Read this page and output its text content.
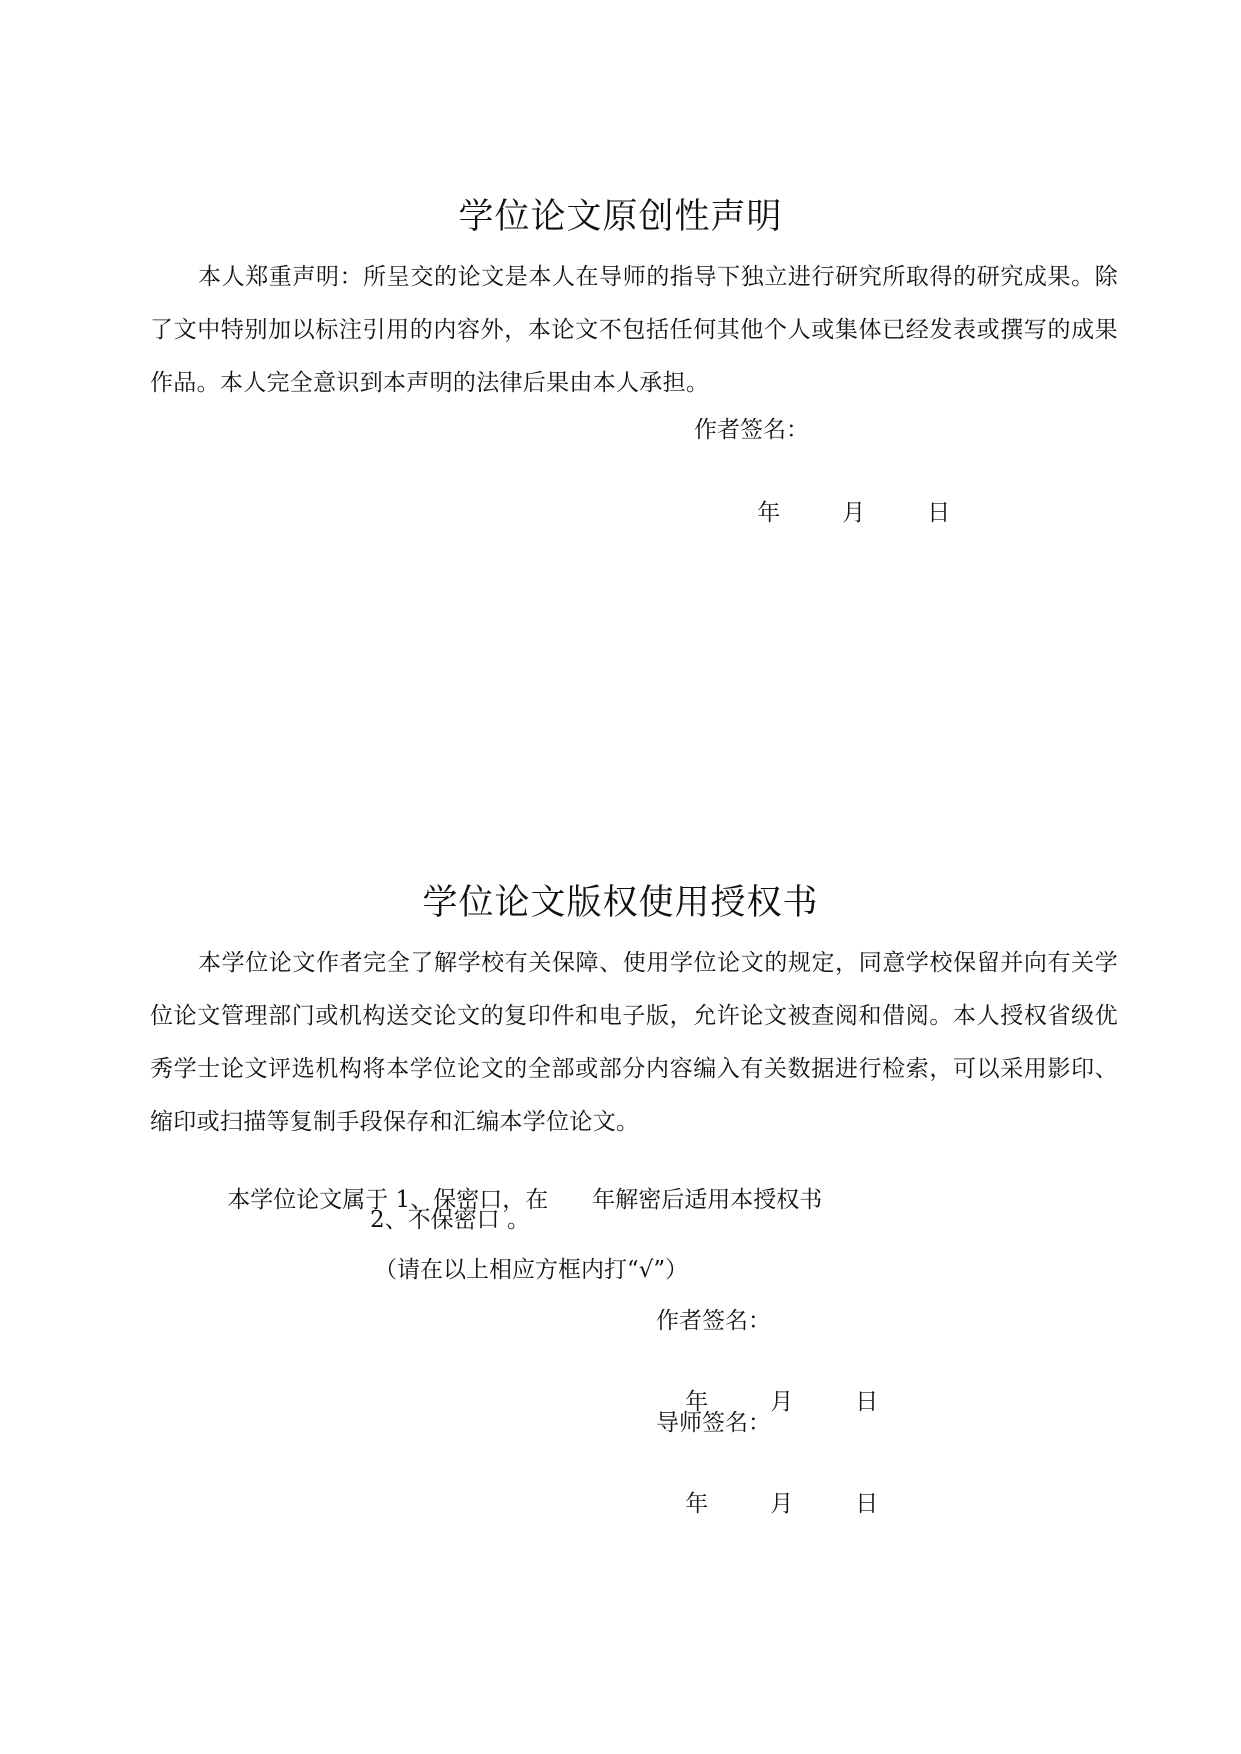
学位论文原创性声明
本人郑重声明：所呈交的论文是本人在导师的指导下独立进行研究所取得的研究成果。除了文中特别加以标注引用的内容外，本论文不包括任何其他个人或集体已经发表或撰写的成果作品。本人完全意识到本声明的法律后果由本人承担。
作者签名：

年	月	日

学位论文版权使用授权书
本学位论文作者完全了解学校有关保障、使用学位论文的规定，同意学校保留并向有关学位论文管理部门或机构送交论文的复印件和电子版，允许论文被查阅和借阅。本人授权省级优秀学士论文评选机构将本学位论文的全部或部分内容编入有关数据进行检索，可以采用影印、缩印或扫描等复制手段保存和汇编本学位论文。

本学位论文属于 1、保密口，在 年解密后适用本授权书

2、不保密口 。
（请在以上相应方框内打“√”）
作者签名：

年	月	日

导师签名：

年	月	日
